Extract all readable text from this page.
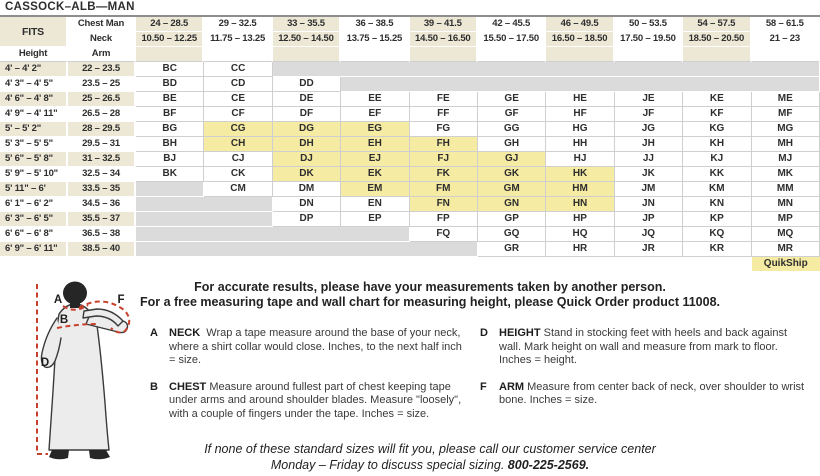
CASSOCK–ALB—MAN
FITS	Chest Man	24 – 28.5	29 – 32.5	33 – 35.5	36 – 38.5	39 – 41.5	42 – 45.5	46 – 49.5	50 – 53.5	54 – 57.5	58 – 61.5
	Neck	10.50 – 12.25	11.75 – 13.25	12.50 – 14.50	13.75 – 15.25	14.50 – 16.50	15.50 – 17.50	16.50 – 18.50	17.50 – 19.50	18.50 – 20.50	21 – 23
Height	Arm										
4' – 4' 2"	22 – 23.5	BC	CC								
4' 3" – 4' 5"	23.5 – 25	BD	CD	DD							
4' 6" – 4' 8"	25 – 26.5	BE	CE	DE	EE	FE	GE	HE	JE	KE	ME
4' 9" – 4' 11"	26.5 – 28	BF	CF	DF	EF	FF	GF	HF	JF	KF	MF
5' – 5' 2"	28 – 29.5	BG	CG	DG	EG	FG	GG	HG	JG	KG	MG
5' 3" – 5' 5"	29.5 – 31	BH	CH	DH	EH	FH	GH	HH	JH	KH	MH
5' 6" – 5' 8"	31 – 32.5	BJ	CJ	DJ	EJ	FJ	GJ	HJ	JJ	KJ	MJ
5' 9" – 5' 10"	32.5 – 34	BK	CK	DK	EK	FK	GK	HK	JK	KK	MK
5' 11" – 6'	33.5 – 35		CM	DM	EM	FM	GM	HM	JM	KM	MM
6' 1" – 6' 2"	34.5 – 36			DN	EN	FN	GN	HN	JN	KN	MN
6' 3" – 6' 5"	35.5 – 37			DP	EP	FP	GP	HP	JP	KP	MP
6' 6" – 6' 8"	36.5 – 38					FQ	GQ	HQ	JQ	KQ	MQ
6' 9" – 6' 11"	38.5 – 40						GR	HR	JR	KR	MR
											QuikShip
For accurate results, please have your measurements taken by another person.
For a free measuring tape and wall chart for measuring height, please Quick Order product 11008.
A
B
D
F
A	NECK Wrap a tape measure around the base of your neck, where a shirt collar would close. Inches, to the next half inch = size.
B	CHEST Measure around fullest part of chest keeping tape under arms and around shoulder blades. Measure "loosely", with a couple of fingers under the tape. Inches = size.
D	HEIGHT Stand in stocking feet with heels and back against wall. Mark height on wall and measure from mark to floor. Inches = height.
F	ARM Measure from center back of neck, over shoulder to wrist bone. Inches = size.
If none of these standard sizes will fit you, please call our customer service center
Monday – Friday to discuss special sizing. 800-225-2569.
